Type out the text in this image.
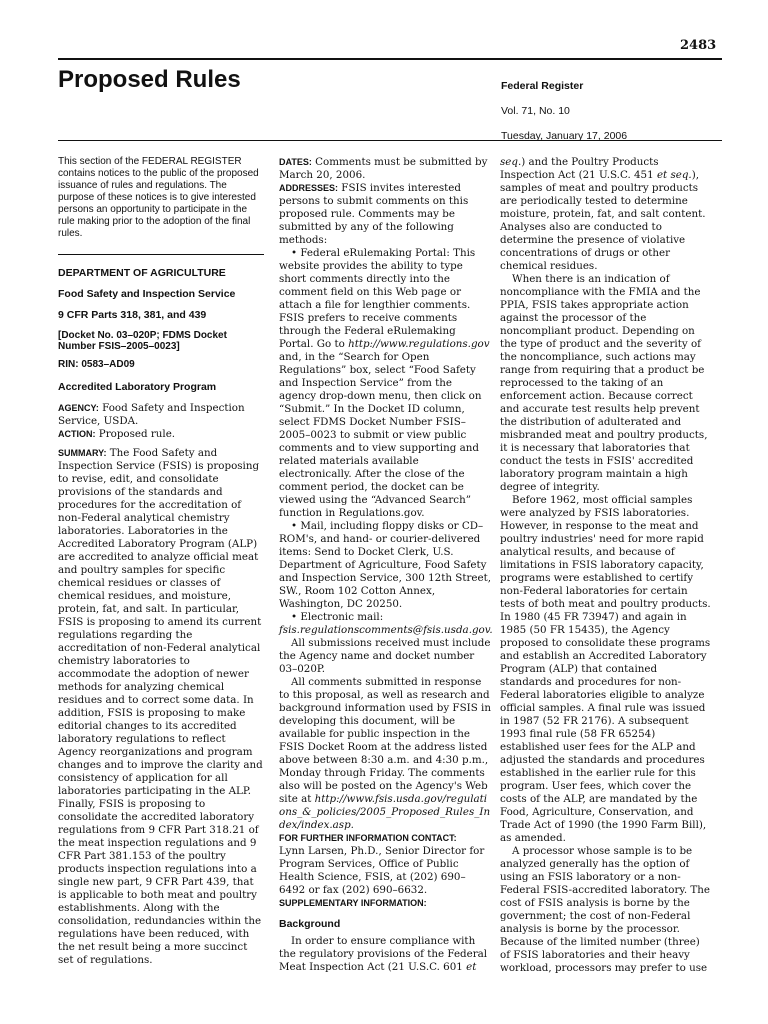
2483
Proposed Rules	Federal Register
Vol. 71, No. 10
Tuesday, January 17, 2006
This section of the FEDERAL REGISTER contains notices to the public of the proposed issuance of rules and regulations. The purpose of these notices is to give interested persons an opportunity to participate in the rule making prior to the adoption of the final rules.
DEPARTMENT OF AGRICULTURE
Food Safety and Inspection Service
9 CFR Parts 318, 381, and 439
[Docket No. 03–020P; FDMS Docket Number FSIS–2005–0023]
RIN: 0583–AD09
Accredited Laboratory Program

AGENCY: Food Safety and Inspection Service, USDA.

ACTION: Proposed rule.

SUMMARY: The Food Safety and Inspection Service (FSIS) is proposing to revise, edit, and consolidate provisions of the standards and procedures for the accreditation of non-Federal analytical chemistry laboratories. Laboratories in the Accredited Laboratory Program (ALP) are accredited to analyze official meat and poultry samples for specific chemical residues or classes of chemical residues, and moisture, protein, fat, and salt. In particular, FSIS is proposing to amend its current regulations regarding the accreditation of non-Federal analytical chemistry laboratories to accommodate the adoption of newer methods for analyzing chemical residues and to correct some data. In addition, FSIS is proposing to make editorial changes to its accredited laboratory regulations to reflect Agency reorganizations and program changes and to improve the clarity and consistency of application for all laboratories participating in the ALP. Finally, FSIS is proposing to consolidate the accredited laboratory regulations from 9 CFR Part 318.21 of the meat inspection regulations and 9 CFR Part 381.153 of the poultry products inspection regulations into a single new part, 9 CFR Part 439, that is applicable to both meat and poultry establishments. Along with the consolidation, redundancies within the regulations have been reduced, with the net result being a more succinct set of regulations.

DATES: Comments must be submitted by March 20, 2006.

ADDRESSES: FSIS invites interested persons to submit comments on this proposed rule. Comments may be submitted by any of the following methods:

• Federal eRulemaking Portal: This website provides the ability to type short comments directly into the comment field on this Web page or attach a file for lengthier comments. FSIS prefers to receive comments through the Federal eRulemaking Portal. Go to http://www.regulations.gov and, in the “Search for Open Regulations” box, select “Food Safety and Inspection Service” from the agency drop-down menu, then click on “Submit.” In the Docket ID column, select FDMS Docket Number FSIS–2005–0023 to submit or view public comments and to view supporting and related materials available electronically. After the close of the comment period, the docket can be viewed using the “Advanced Search” function in Regulations.gov.

• Mail, including floppy disks or CD–ROM's, and hand- or courier-delivered items: Send to Docket Clerk, U.S. Department of Agriculture, Food Safety and Inspection Service, 300 12th Street, SW., Room 102 Cotton Annex, Washington, DC 20250.

• Electronic mail:

fsis.regulationscomments@fsis.usda.gov.

All submissions received must include the Agency name and docket number 03–020P.

All comments submitted in response to this proposal, as well as research and background information used by FSIS in developing this document, will be available for public inspection in the FSIS Docket Room at the address listed above between 8:30 a.m. and 4:30 p.m., Monday through Friday. The comments also will be posted on the Agency's Web site at http://www.fsis.usda.gov/regulations_&_policies/2005_Proposed_Rules_Index/index.asp.

FOR FURTHER INFORMATION CONTACT:
Lynn Larsen, Ph.D., Senior Director for Program Services, Office of Public Health Science, FSIS, at (202) 690–6492 or fax (202) 690–6632.

SUPPLEMENTARY INFORMATION:

Background

In order to ensure compliance with the regulatory provisions of the Federal Meat Inspection Act (21 U.S.C. 601 et

seq.) and the Poultry Products Inspection Act (21 U.S.C. 451 et seq.), samples of meat and poultry products are periodically tested to determine moisture, protein, fat, and salt content. Analyses also are conducted to determine the presence of violative concentrations of drugs or other chemical residues.

When there is an indication of noncompliance with the FMIA and the PPIA, FSIS takes appropriate action against the processor of the noncompliant product. Depending on the type of product and the severity of the noncompliance, such actions may range from requiring that a product be reprocessed to the taking of an enforcement action. Because correct and accurate test results help prevent the distribution of adulterated and misbranded meat and poultry products, it is necessary that laboratories that conduct the tests in FSIS' accredited laboratory program maintain a high degree of integrity.

Before 1962, most official samples were analyzed by FSIS laboratories. However, in response to the meat and poultry industries' need for more rapid analytical results, and because of limitations in FSIS laboratory capacity, programs were established to certify non-Federal laboratories for certain tests of both meat and poultry products. In 1980 (45 FR 73947) and again in 1985 (50 FR 15435), the Agency proposed to consolidate these programs and establish an Accredited Laboratory Program (ALP) that contained standards and procedures for non-Federal laboratories eligible to analyze official samples. A final rule was issued in 1987 (52 FR 2176). A subsequent 1993 final rule (58 FR 65254) established user fees for the ALP and adjusted the standards and procedures established in the earlier rule for this program. User fees, which cover the costs of the ALP, are mandated by the Food, Agriculture, Conservation, and Trade Act of 1990 (the 1990 Farm Bill), as amended.

A processor whose sample is to be analyzed generally has the option of using an FSIS laboratory or a non-Federal FSIS-accredited laboratory. The cost of FSIS analysis is borne by the government; the cost of non-Federal analysis is borne by the processor. Because of the limited number (three) of FSIS laboratories and their heavy workload, processors may prefer to use
